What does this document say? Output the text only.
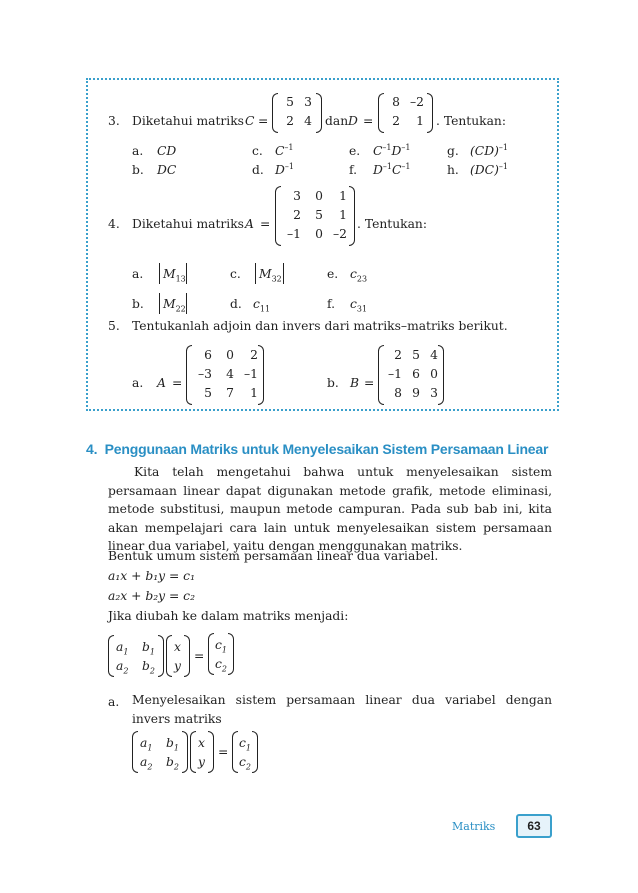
3. Diketahui matriks C =
5 3
2 4 dan D =
8 –2
2	1 . Tentukan:
a. CD
b. DC
c. $C^{-1}$
d. $D^{-1}$
e. $C^{-1}D^{-1}$
f. $D^{-1}C^{-1}$
g. (CD)$^{-1}$
h. (DC)$^{-1}$
4. Diketahui matriks A =
3	0	1
2	5	1
–1	0 –2
. Tentukan:
a. $M_{13}$
b. $M_{22}$
c. $M_{32}$
d. $c_{11}$
e. $c_{23}$
f. $c_{31}$
5. Tentukanlah adjoin dan invers dari matriks–matriks berikut.
a. A =
6	0	2
–3	4 –1
5	7	1
b. B =
2 5 4
–1 6 0
8 9 3
4. Penggunaan Matriks untuk Menyelesaikan Sistem Persamaan Linear
Kita telah mengetahui bahwa untuk menyelesaikan sistem persamaan linear dapat digunakan metode grafik, metode eliminasi, metode substitusi, maupun metode campuran. Pada sub bab ini, kita akan mempelajari cara lain untuk menyelesaikan sistem persamaan linear dua variabel, yaitu dengan menggunakan matriks.
Bentuk umum sistem persamaan linear dua variabel.
a₁x + b₁y = c₁
a₂x + b₂y = c₂
Jika diubah ke dalam matriks menjadi:
$a_1$ $b_1$
$a_2$ $b_2$
x
y
=
$c_1$
$c_2$
a. Menyelesaikan sistem persamaan linear dua variabel dengan invers matriks
$a_1$ $b_1$
$a_2$ $b_2$
x
y
=
$c_1$
$c_2$
Matriks	63
